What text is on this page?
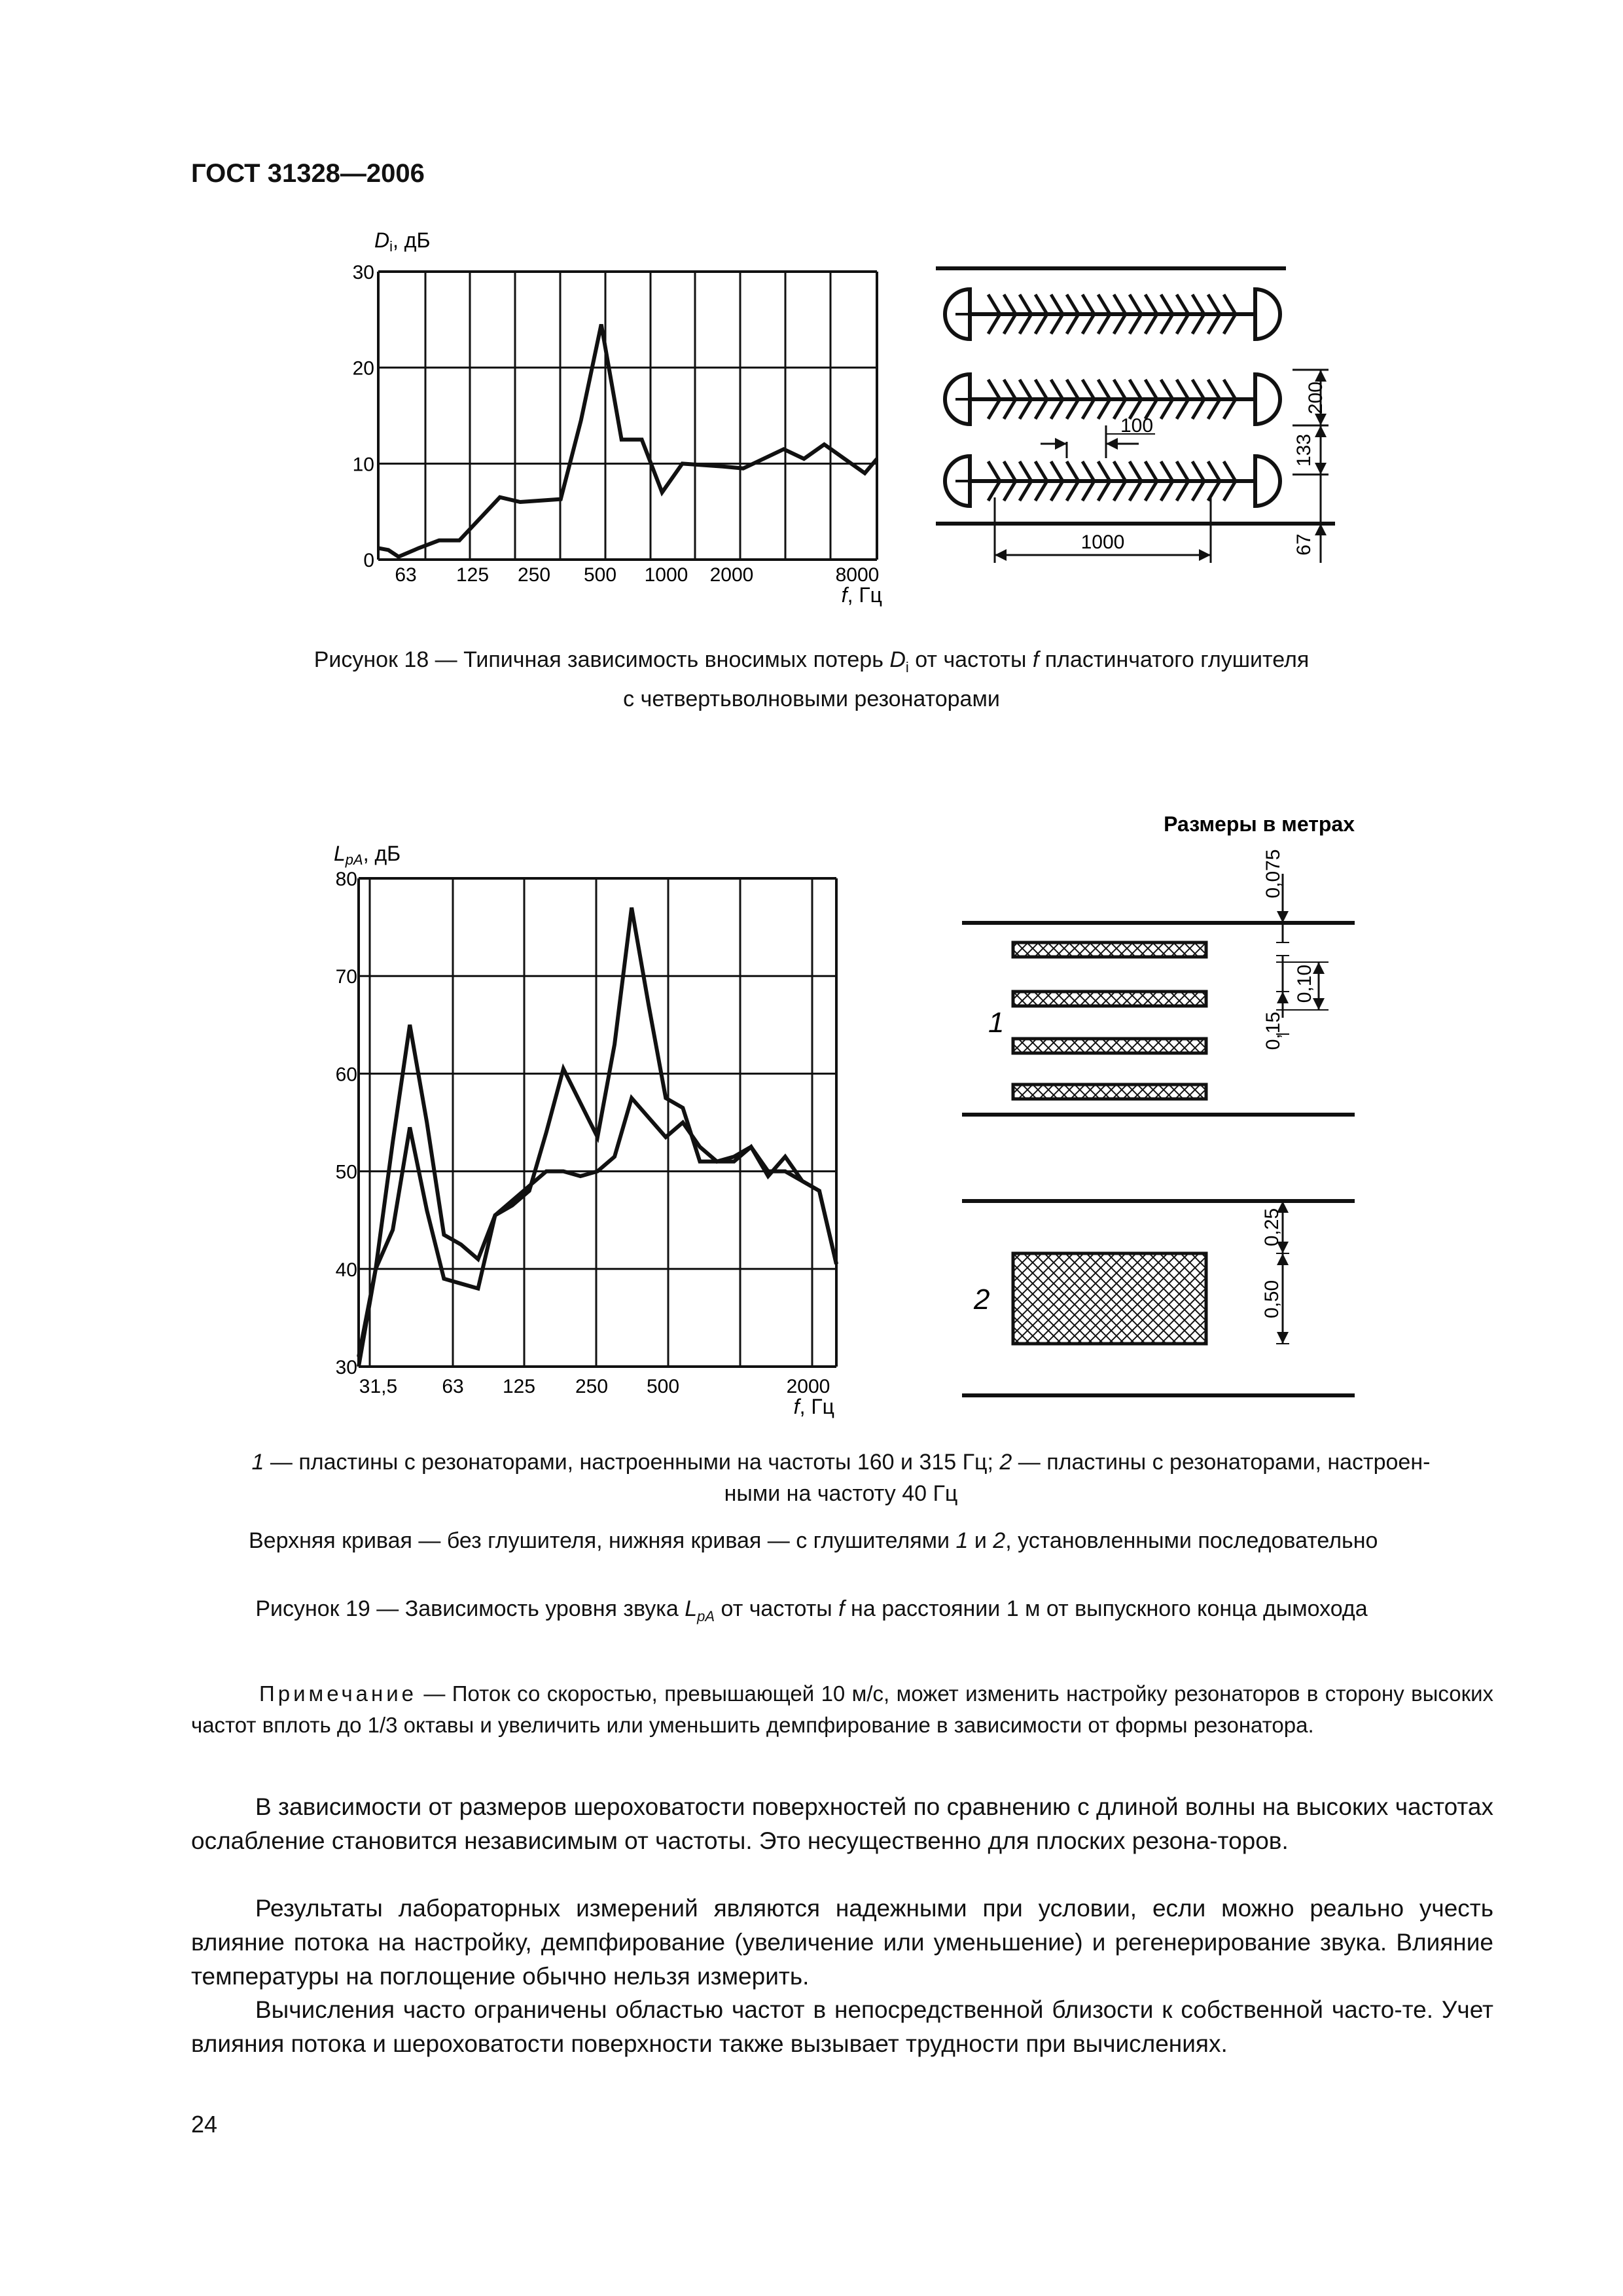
ГОСТ 31328—2006
Di, дБ
0
10
20
30
63 125 250 500 1000 2000	8000
f, Гц
200
133
67
100
1000
Рисунок 18 — Типичная зависимость вносимых потерь $D_i$ от частоты f пластинчатого глушителя
с четвертьволновыми резонаторами
LpA, дБ
30
40
50
60
70
80
31,5 63 125 250 500	2000
f, Гц
Размеры в метрах
1
0,075
0,15
0,10
2
0,25
0,50
1 — пластины с резонаторами, настроенными на частоты 160 и 315 Гц; 2 — пластины с резонаторами, настроен-
ными на частоту 40 Гц
Верхняя кривая — без глушителя, нижняя кривая — с глушителями 1 и 2, установленными последовательно
Рисунок 19 — Зависимость уровня звука $L_{pA}$ от частоты f на расстоянии 1 м от выпускного конца дымохода
Примечание — Поток со скоростью, превышающей 10 м/с, может изменить настройку резонаторов в сторону высоких частот вплоть до 1/3 октавы и увеличить или уменьшить демпфирование в зависимости от формы резонатора.
В зависимости от размеров шероховатости поверхностей по сравнению с длиной волны на высоких частотах ослабление становится независимым от частоты. Это несущественно для плоских резона-торов.
Результаты лабораторных измерений являются надежными при условии, если можно реально учесть влияние потока на настройку, демпфирование (увеличение или уменьшение) и регенерирование звука. Влияние температуры на поглощение обычно нельзя измерить.
Вычисления часто ограничены областью частот в непосредственной близости к собственной часто-те. Учет влияния потока и шероховатости поверхности также вызывает трудности при вычислениях.
24
